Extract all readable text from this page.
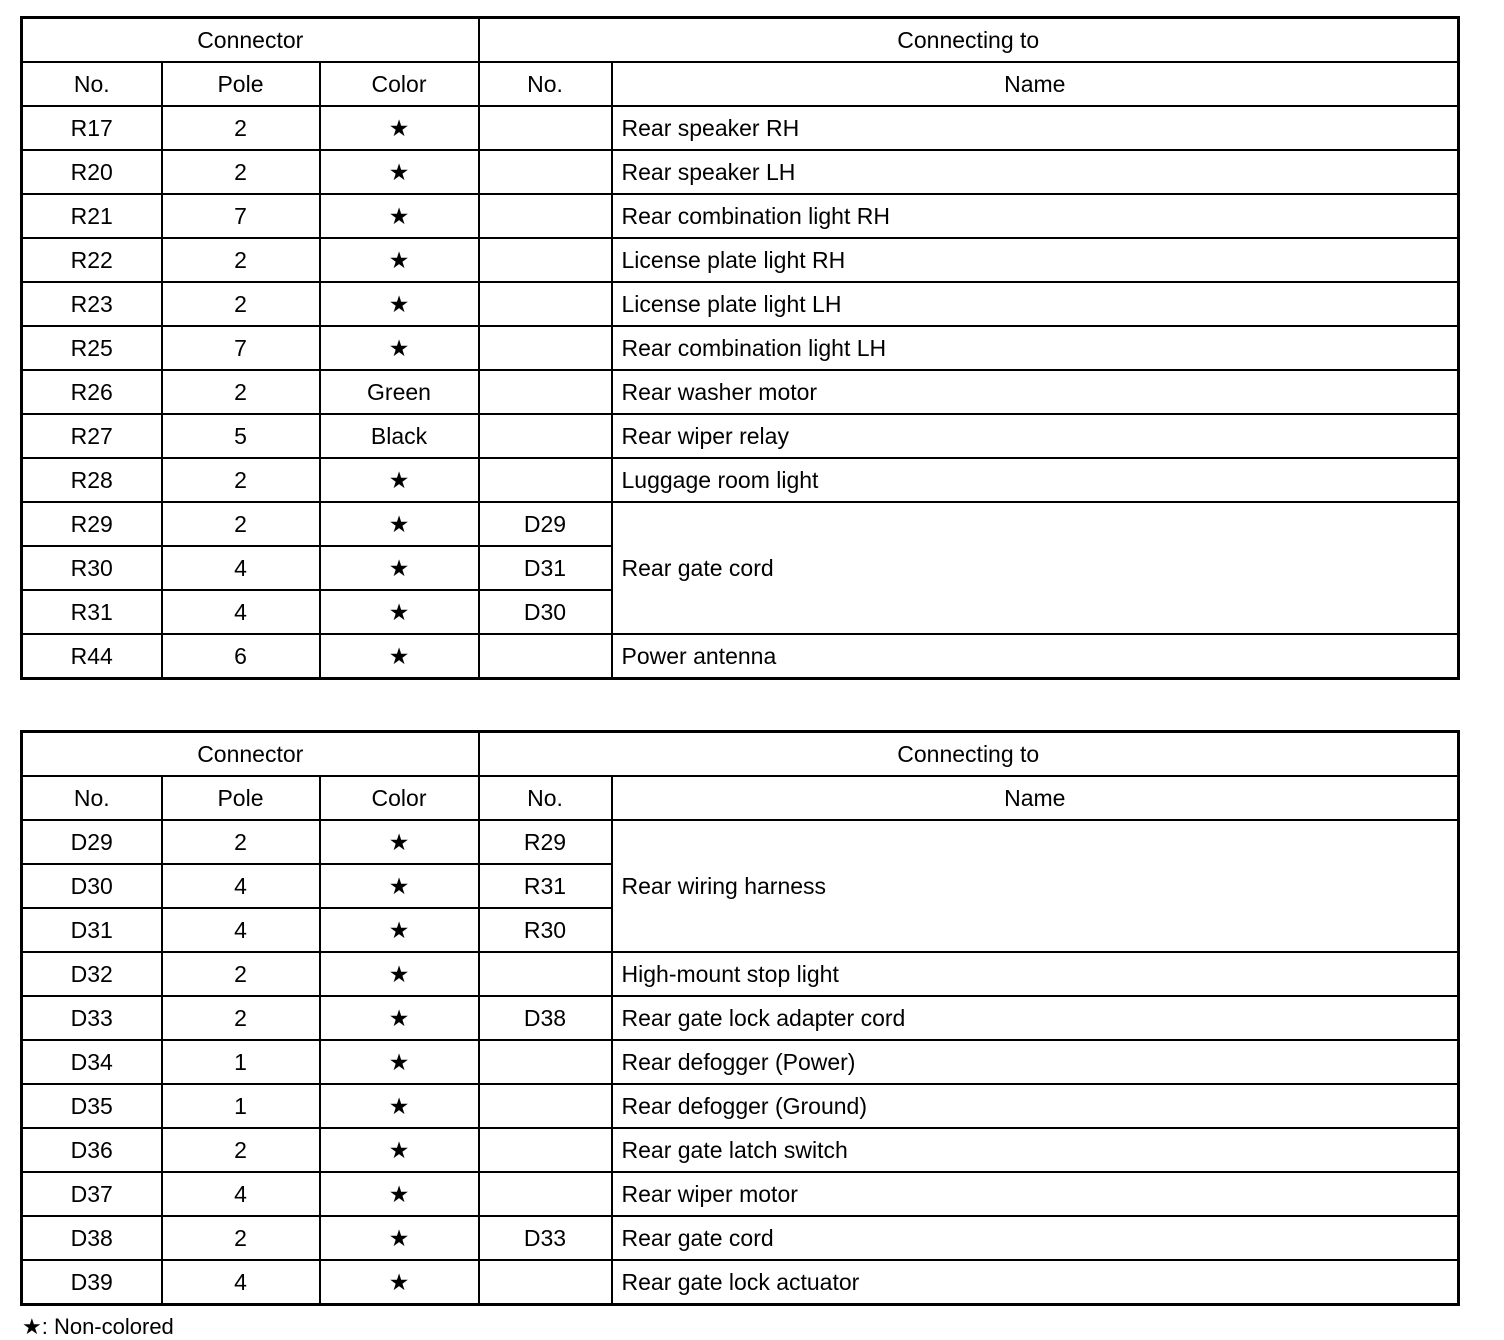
Connector			Connecting to	
No.	Pole	Color	No.	Name
R17	2	★		Rear speaker RH
R20	2	★		Rear speaker LH
R21	7	★		Rear combination light RH
R22	2	★		License plate light RH
R23	2	★		License plate light LH
R25	7	★		Rear combination light LH
R26	2	Green		Rear washer motor
R27	5	Black		Rear wiper relay
R28	2	★		Luggage room light
R29	2	★	D29	Rear gate cord
R30	4	★	D31	
R31	4	★	D30	
R44	6	★		Power antenna
Connector			Connecting to	
No.	Pole	Color	No.	Name
D29	2	★	R29	Rear wiring harness
D30	4	★	R31	
D31	4	★	R30	
D32	2	★		High-mount stop light
D33	2	★	D38	Rear gate lock adapter cord
D34	1	★		Rear defogger (Power)
D35	1	★		Rear defogger (Ground)
D36	2	★		Rear gate latch switch
D37	4	★		Rear wiper motor
D38	2	★	D33	Rear gate cord
D39	4	★		Rear gate lock actuator
★: Non-colored
